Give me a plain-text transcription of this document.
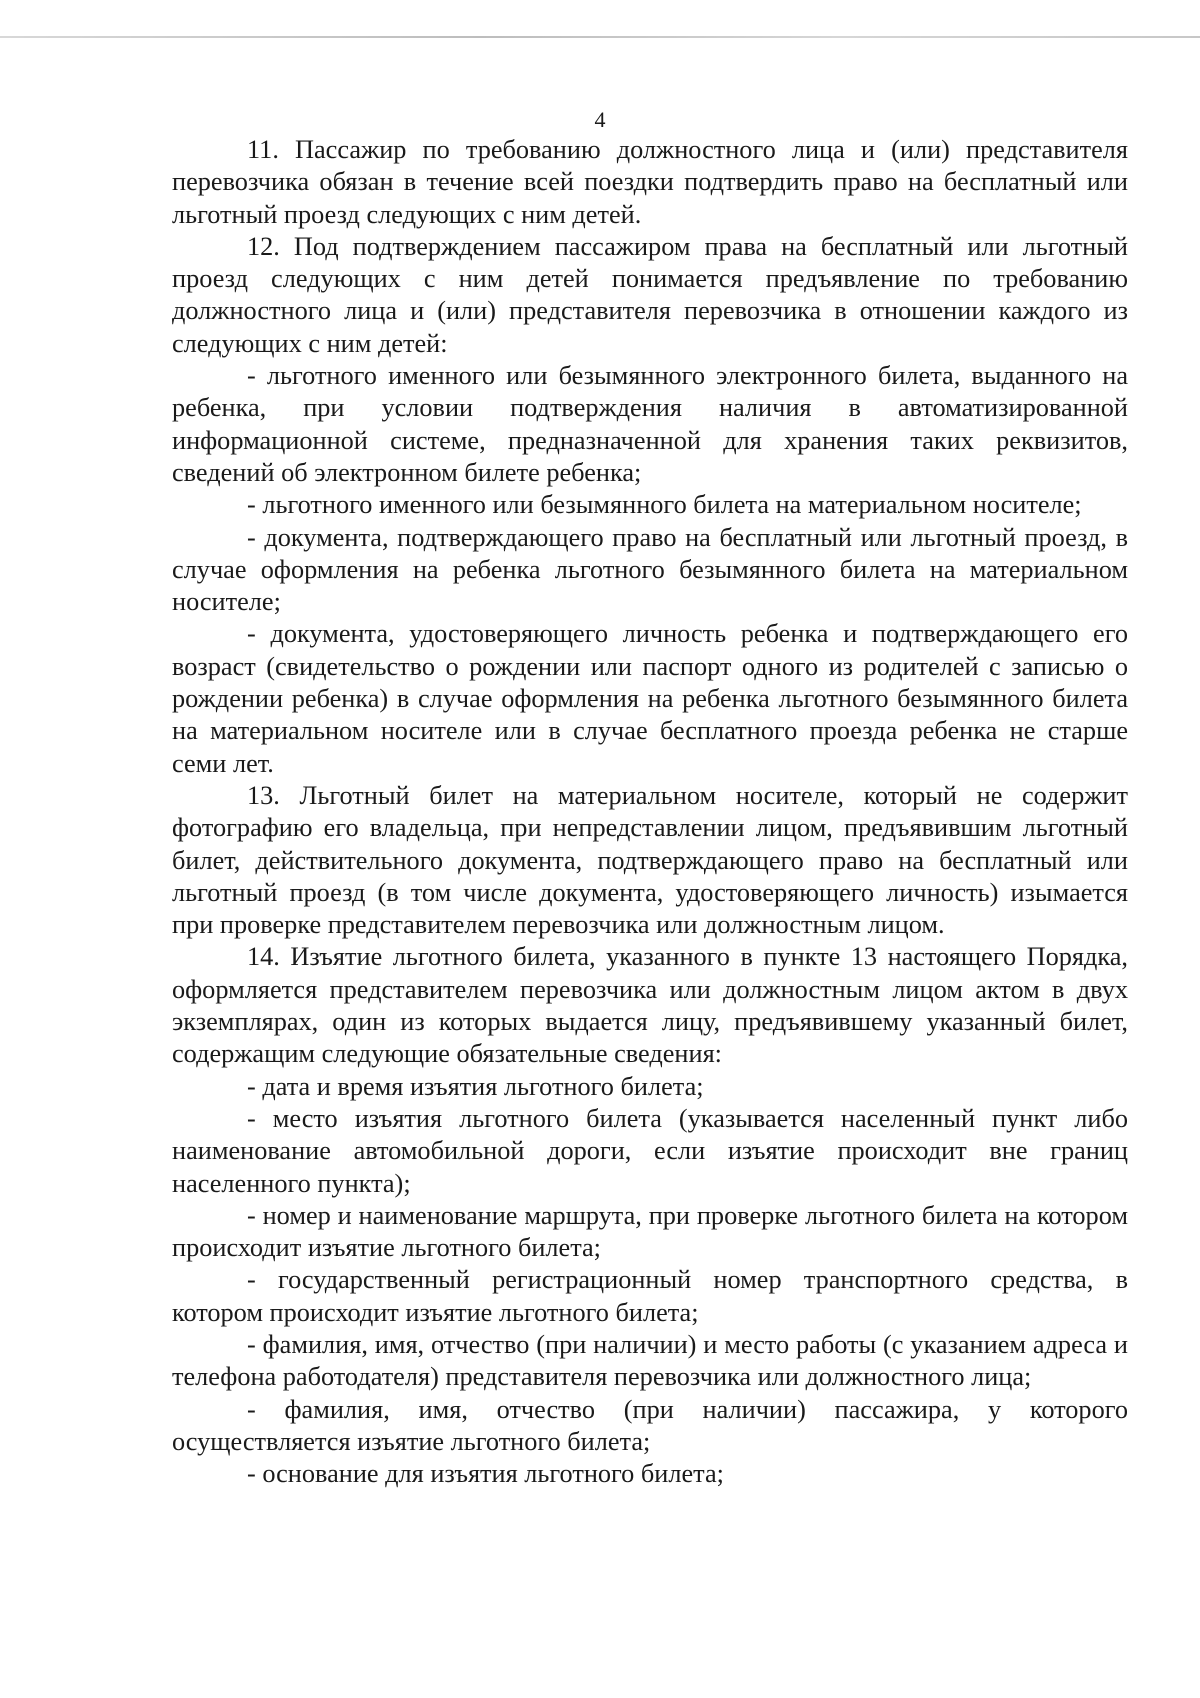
4

11. Пассажир по требованию должностного лица и (или) представителя перевозчика обязан в течение всей поездки подтвердить право на бесплатный или льготный проезд следующих с ним детей.

12. Под подтверждением пассажиром права на бесплатный или льготный проезд следующих с ним детей понимается предъявление по требованию должностного лица и (или) представителя перевозчика в отношении каждого из следующих с ним детей:

- льготного именного или безымянного электронного билета, выданного на ребенка, при условии подтверждения наличия в автоматизированной информационной системе, предназначенной для хранения таких реквизитов, сведений об электронном билете ребенка;

- льготного именного или безымянного билета на материальном носителе;

- документа, подтверждающего право на бесплатный или льготный проезд, в случае оформления на ребенка льготного безымянного билета на материальном носителе;

- документа, удостоверяющего личность ребенка и подтверждающего его возраст (свидетельство о рождении или паспорт одного из родителей с записью о рождении ребенка) в случае оформления на ребенка льготного безымянного билета на материальном носителе или в случае бесплатного проезда ребенка не старше семи лет.

13. Льготный билет на материальном носителе, который не содержит фотографию его владельца, при непредставлении лицом, предъявившим льготный билет, действительного документа, подтверждающего право на бесплатный или льготный проезд (в том числе документа, удостоверяющего личность) изымается при проверке представителем перевозчика или должностным лицом.

14. Изъятие льготного билета, указанного в пункте 13 настоящего Порядка, оформляется представителем перевозчика или должностным лицом актом в двух экземплярах, один из которых выдается лицу, предъявившему указанный билет, содержащим следующие обязательные сведения:

- дата и время изъятия льготного билета;

- место изъятия льготного билета (указывается населенный пункт либо наименование автомобильной дороги, если изъятие происходит вне границ населенного пункта);

- номер и наименование маршрута, при проверке льготного билета на котором происходит изъятие льготного билета;

- государственный регистрационный номер транспортного средства, в котором происходит изъятие льготного билета;

- фамилия, имя, отчество (при наличии) и место работы (с указанием адреса и телефона работодателя) представителя перевозчика или должностного лица;

- фамилия, имя, отчество (при наличии) пассажира, у которого осуществляется изъятие льготного билета;

- основание для изъятия льготного билета;
